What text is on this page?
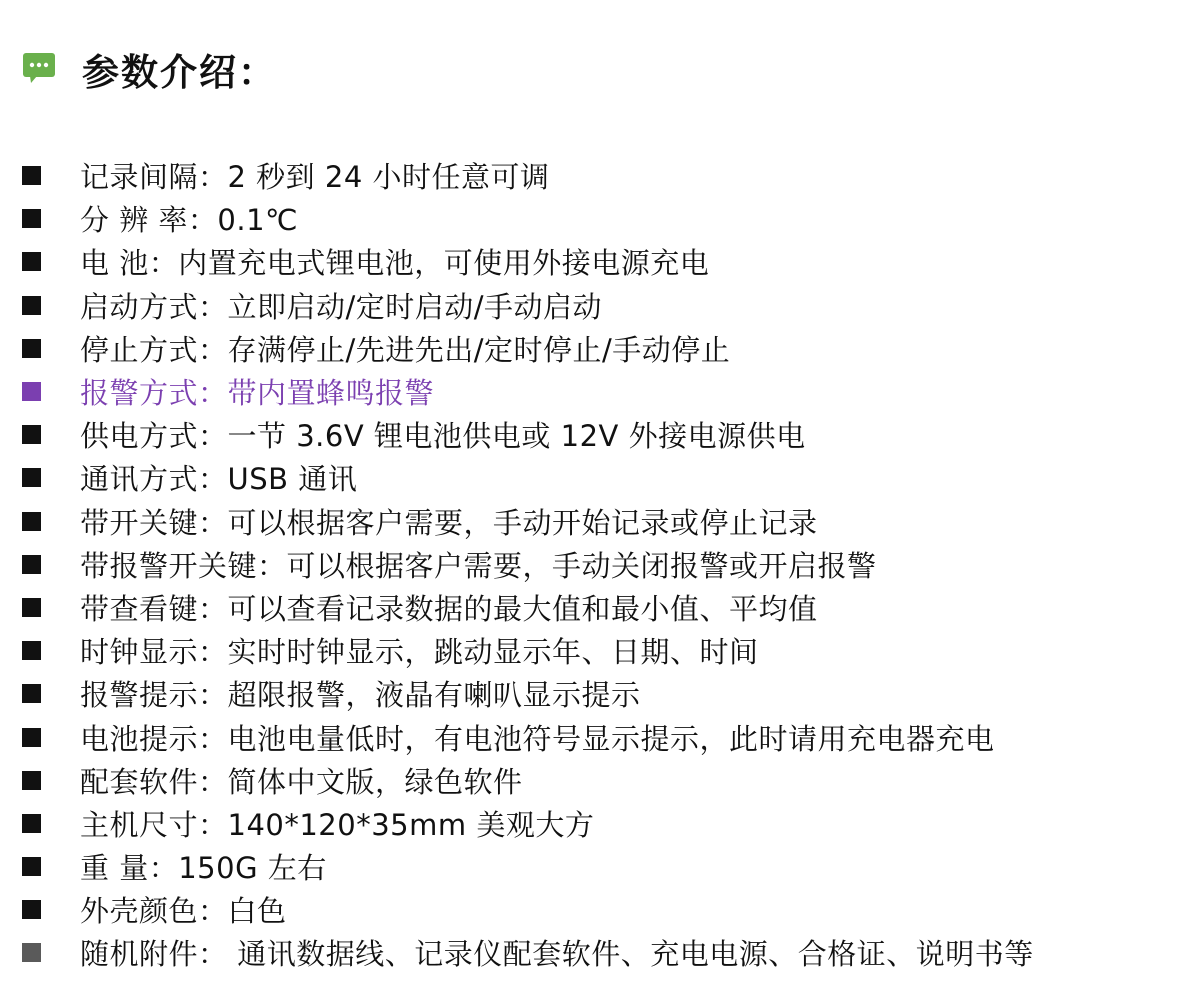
参数介绍：
记录间隔：2 秒到 24 小时任意可调
分 辨 率：0.1℃
电 池：内置充电式锂电池，可使用外接电源充电
启动方式：立即启动/定时启动/手动启动
停止方式：存满停止/先进先出/定时停止/手动停止
报警方式：带内置蜂鸣报警
供电方式：一节 3.6V 锂电池供电或 12V 外接电源供电
通讯方式：USB 通讯
带开关键：可以根据客户需要，手动开始记录或停止记录
带报警开关键：可以根据客户需要，手动关闭报警或开启报警
带查看键：可以查看记录数据的最大值和最小值、平均值
时钟显示：实时时钟显示，跳动显示年、日期、时间
报警提示：超限报警，液晶有喇叭显示提示
电池提示：电池电量低时，有电池符号显示提示，此时请用充电器充电
配套软件：简体中文版，绿色软件
主机尺寸：140*120*35mm 美观大方
重 量：150G 左右
外壳颜色：白色
随机附件： 通讯数据线、记录仪配套软件、充电电源、合格证、说明书等
